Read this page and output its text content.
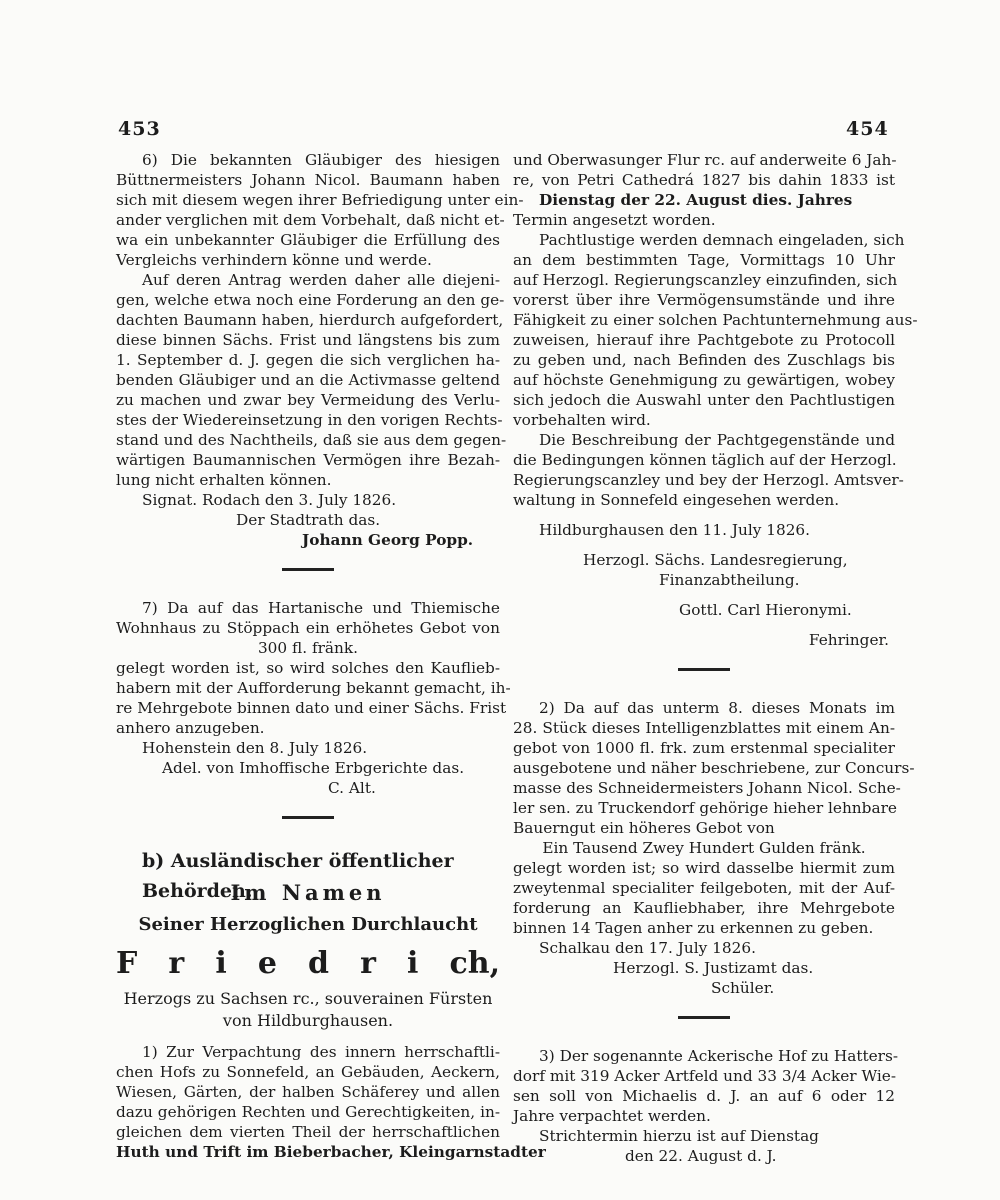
453	454
6) Die bekannten Gläubiger des hiesigen
Büttnermeisters Johann Nicol. Baumann haben
sich mit diesem wegen ihrer Befriedigung unter ein-
ander verglichen mit dem Vorbehalt, daß nicht et-
wa ein unbekannter Gläubiger die Erfüllung des
Vergleichs verhindern könne und werde.
Auf deren Antrag werden daher alle diejeni-
gen, welche etwa noch eine Forderung an den ge-
dachten Baumann haben, hierdurch aufgefordert,
diese binnen Sächs. Frist und längstens bis zum
1. September d. J. gegen die sich verglichen ha-
benden Gläubiger und an die Activmasse geltend
zu machen und zwar bey Vermeidung des Verlu-
stes der Wiedereinsetzung in den vorigen Rechts-
stand und des Nachtheils, daß sie aus dem gegen-
wärtigen Baumannischen Vermögen ihre Bezah-
lung nicht erhalten können.
Signat. Rodach den 3. July 1826.
Der Stadtrath das.
Johann Georg Popp.
7) Da auf das Hartanische und Thiemische
Wohnhaus zu Stöppach ein erhöhetes Gebot von
300 fl. fränk.
gelegt worden ist, so wird solches den Kauflieb-
habern mit der Aufforderung bekannt gemacht, ih-
re Mehrgebote binnen dato und einer Sächs. Frist
anhero anzugeben.
Hohenstein den 8. July 1826.
Adel. von Imhoffische Erbgerichte das.
C. Alt.
b) Ausländischer öffentlicher Behörden.
Im Namen
Seiner Herzoglichen Durchlaucht
F r i e d r i ch,
Herzogs zu Sachsen rc., souverainen Fürsten
von Hildburghausen.
1) Zur Verpachtung des innern herrschaftli-
chen Hofs zu Sonnefeld, an Gebäuden, Aeckern,
Wiesen, Gärten, der halben Schäferey und allen
dazu gehörigen Rechten und Gerechtigkeiten, in-
gleichen dem vierten Theil der herrschaftlichen
Huth und Trift im Bieberbacher, Kleingarnstadter
und Oberwasunger Flur rc. auf anderweite 6 Jah-
re, von Petri Cathedrá 1827 bis dahin 1833 ist
Dienstag der 22. August dies. Jahres
Termin angesetzt worden.
Pachtlustige werden demnach eingeladen, sich
an dem bestimmten Tage, Vormittags 10 Uhr
auf Herzogl. Regierungscanzley einzufinden, sich
vorerst über ihre Vermögensumstände und ihre
Fähigkeit zu einer solchen Pachtunternehmung aus-
zuweisen, hierauf ihre Pachtgebote zu Protocoll
zu geben und, nach Befinden des Zuschlags bis
auf höchste Genehmigung zu gewärtigen, wobey
sich jedoch die Auswahl unter den Pachtlustigen
vorbehalten wird.
Die Beschreibung der Pachtgegenstände und
die Bedingungen können täglich auf der Herzogl.
Regierungscanzley und bey der Herzogl. Amtsver-
waltung in Sonnefeld eingesehen werden.
Hildburghausen den 11. July 1826.
Herzogl. Sächs. Landesregierung,
Finanzabtheilung.
Gottl. Carl Hieronymi.
Fehringer.
2) Da auf das unterm 8. dieses Monats im
28. Stück dieses Intelligenzblattes mit einem An-
gebot von 1000 fl. frk. zum erstenmal specialiter
ausgebotene und näher beschriebene, zur Concurs-
masse des Schneidermeisters Johann Nicol. Sche-
ler sen. zu Truckendorf gehörige hieher lehnbare
Bauerngut ein höheres Gebot von
Ein Tausend Zwey Hundert Gulden fränk.
gelegt worden ist; so wird dasselbe hiermit zum
zweytenmal specialiter feilgeboten, mit der Auf-
forderung an Kaufliebhaber, ihre Mehrgebote
binnen 14 Tagen anher zu erkennen zu geben.
Schalkau den 17. July 1826.
Herzogl. S. Justizamt das.
Schüler.
3) Der sogenannte Ackerische Hof zu Hatters-
dorf mit 319 Acker Artfeld und 33 3/4 Acker Wie-
sen soll von Michaelis d. J. an auf 6 oder 12
Jahre verpachtet werden.
Strichtermin hierzu ist auf Dienstag
den 22. August d. J.
